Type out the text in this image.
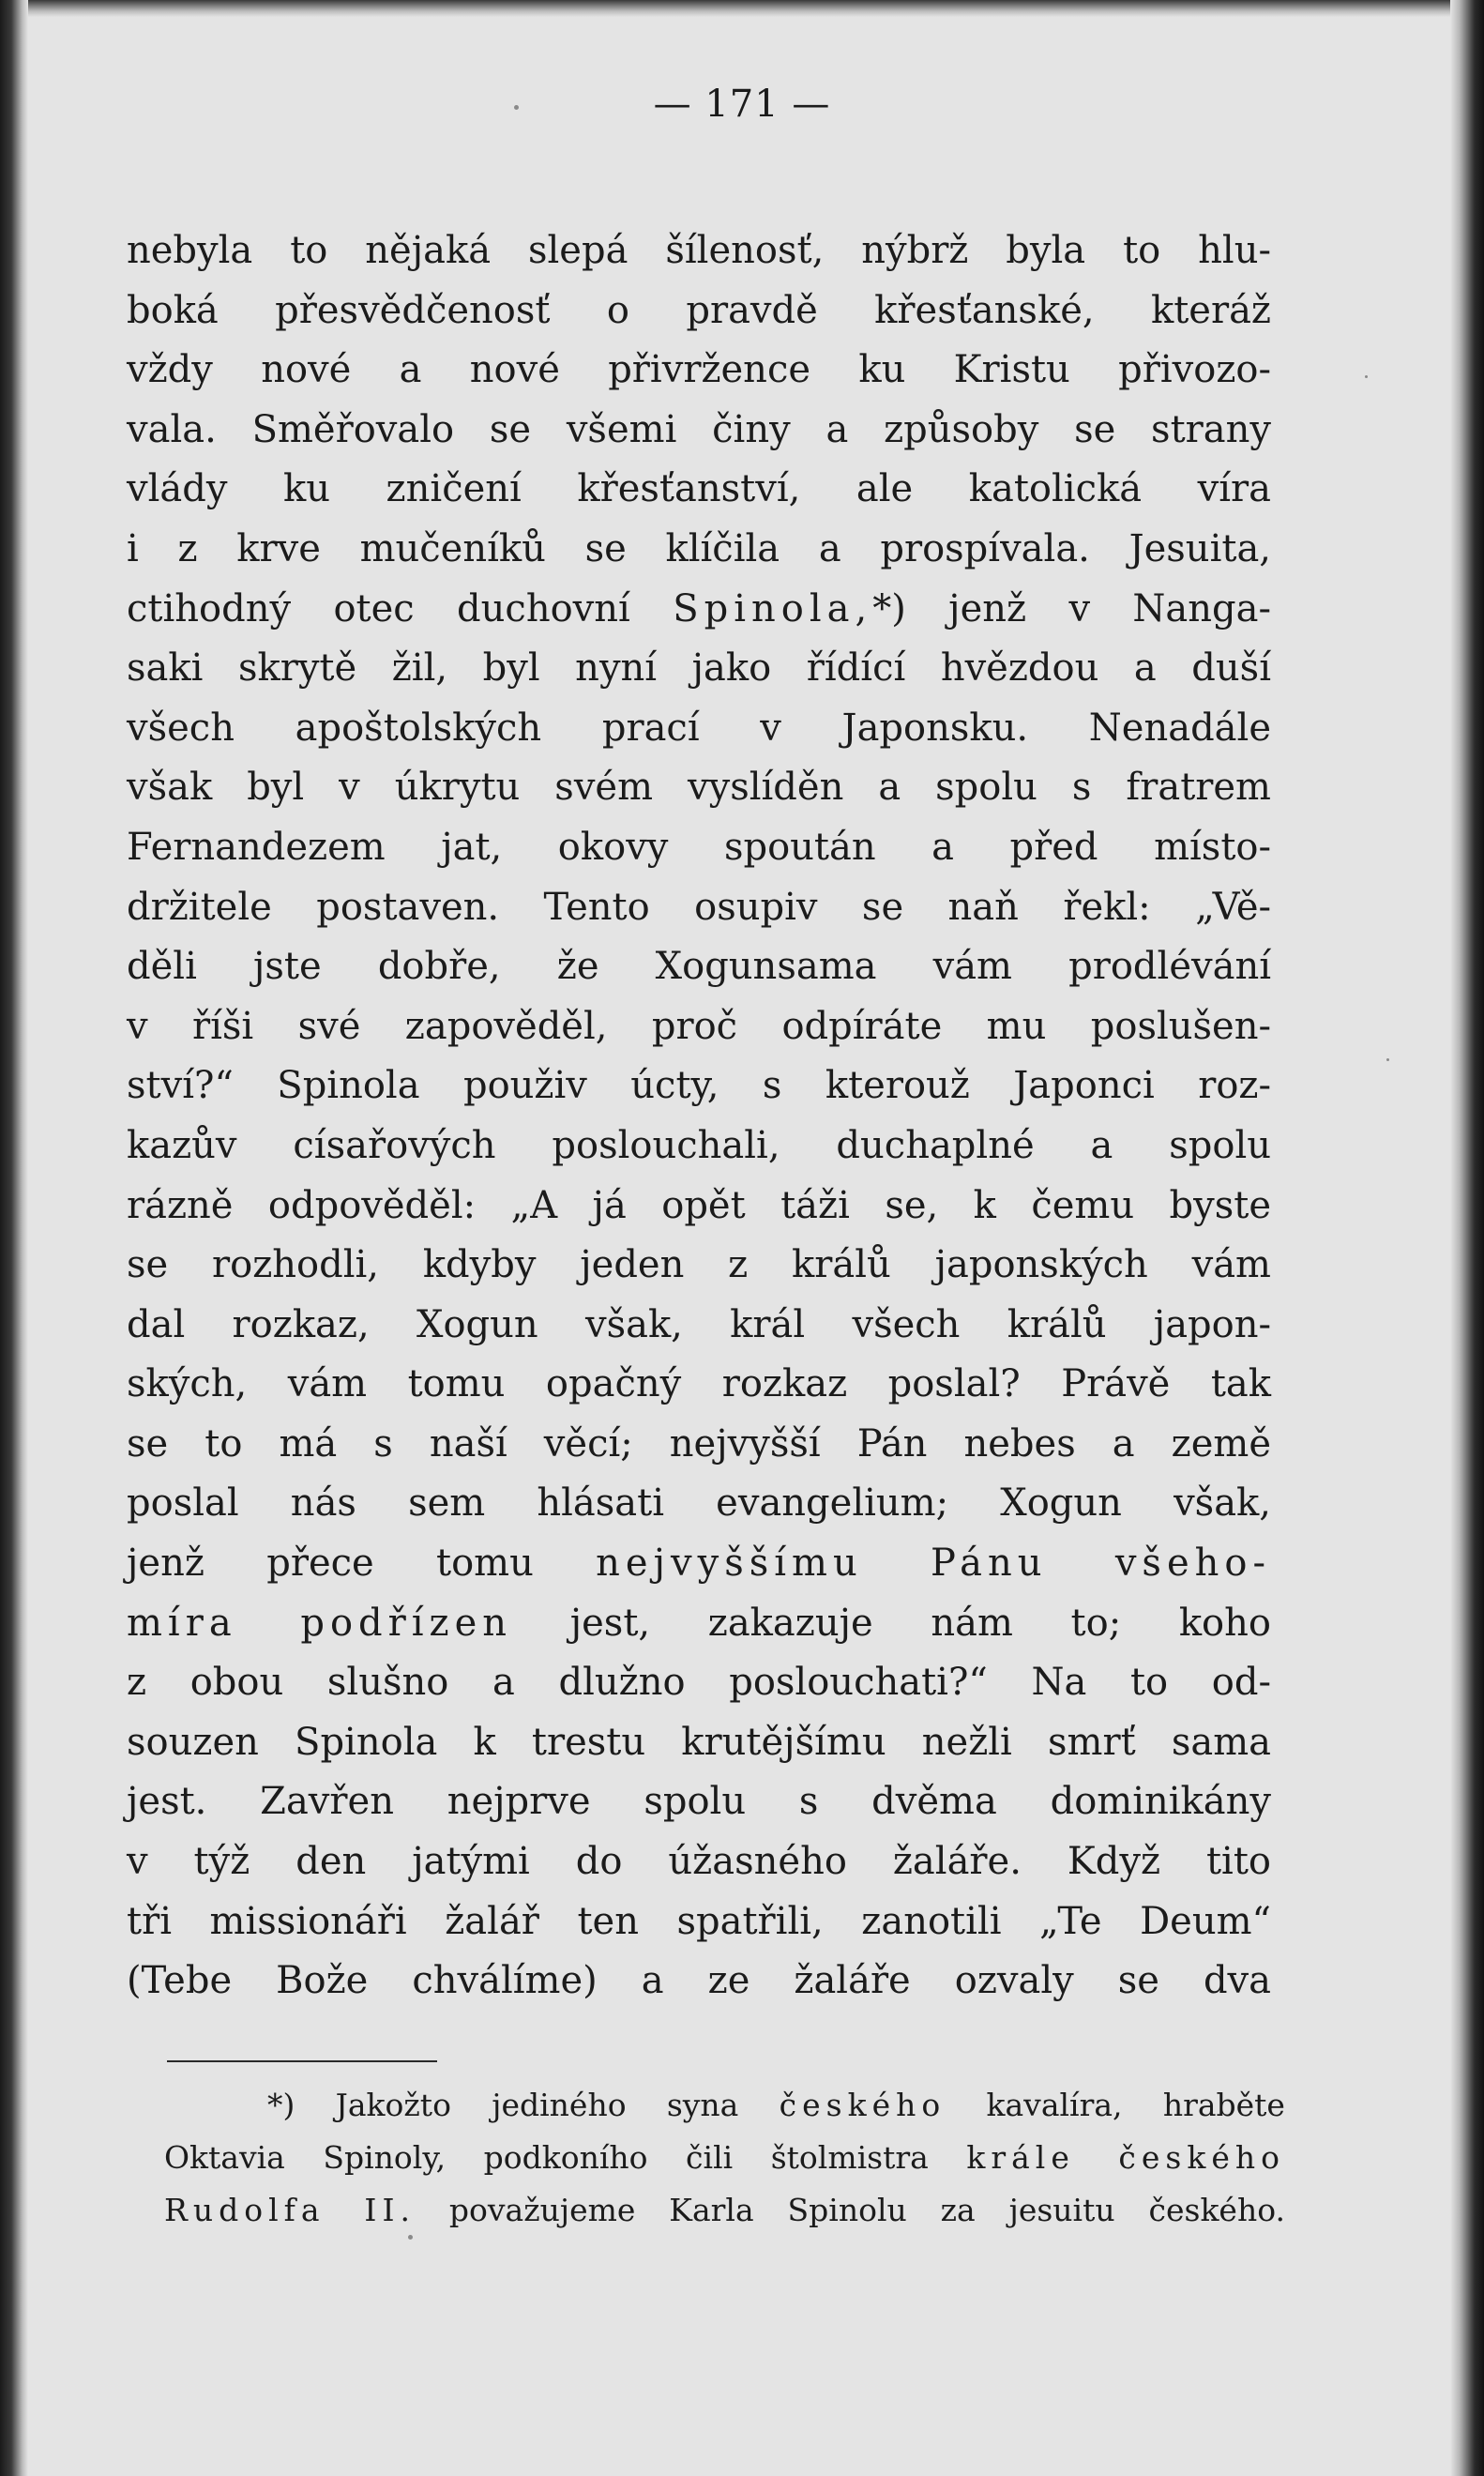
— 171 —
nebyla to nějaká slepá šílenosť, nýbrž byla to hlu-
boká přesvědčenosť o pravdě křesťanské, kteráž
vždy nové a nové přivržence ku Kristu přivozo-
vala. Směřovalo se všemi činy a způsoby se strany
vlády ku zničení křesťanství, ale katolická víra
i z krve mučeníků se klíčila a prospívala. Jesuita,
ctihodný otec duchovní Spinola,*) jenž v Nanga-
saki skrytě žil, byl nyní jako řídící hvězdou a duší
všech apoštolských prací v Japonsku. Nenadále
však byl v úkrytu svém vyslíděn a spolu s fratrem
Fernandezem jat, okovy spoután a před místo-
držitele postaven. Tento osupiv se naň řekl: „Vě-
děli jste dobře, že Xogunsama vám prodlévání
v říši své zapověděl, proč odpíráte mu poslušen-
ství?“ Spinola použiv úcty, s kterouž Japonci roz-
kazův císařových poslouchali, duchaplné a spolu
rázně odpověděl: „A já opět táži se, k čemu byste
se rozhodli, kdyby jeden z králů japonských vám
dal rozkaz, Xogun však, král všech králů japon-
ských, vám tomu opačný rozkaz poslal? Právě tak
se to má s naší věcí; nejvyšší Pán nebes a země
poslal nás sem hlásati evangelium; Xogun však,
jenž přece tomu nejvyššímu Pánu všeho-
míra podřízen jest, zakazuje nám to; koho
z obou slušno a dlužno poslouchati?“ Na to od-
souzen Spinola k trestu krutějšímu nežli smrť sama
jest. Zavřen nejprve spolu s dvěma dominikány
v týž den jatými do úžasného žaláře. Když tito
tři missionáři žalář ten spatřili, zanotili „Te Deum“
(Tebe Bože chválíme) a ze žaláře ozvaly se dva
*) Jakožto jediného syna českého kavalíra, hraběte
Oktavia Spinoly, podkoního čili štolmistra krále českého
Rudolfa II. považujeme Karla Spinolu za jesuitu českého.
